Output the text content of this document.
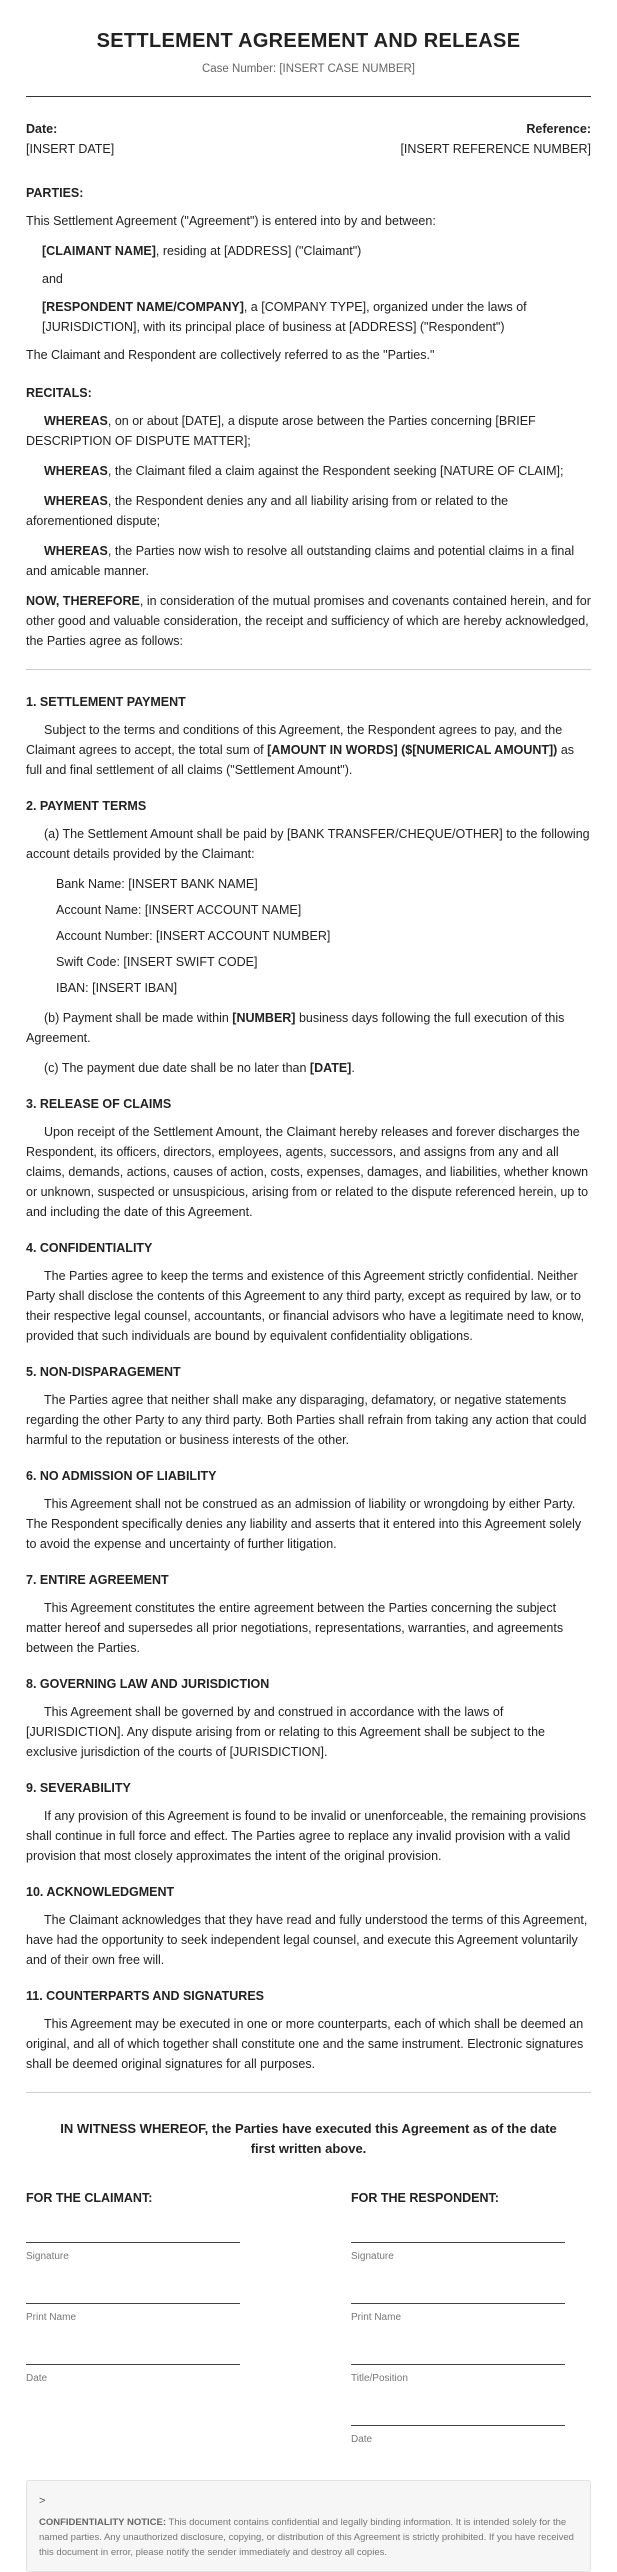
SETTLEMENT AGREEMENT AND RELEASE
Case Number: [INSERT CASE NUMBER]
Date:
[INSERT DATE]
Reference:
[INSERT REFERENCE NUMBER]
PARTIES:

This Settlement Agreement ("Agreement") is entered into by and between:

[CLAIMANT NAME], residing at [ADDRESS] ("Claimant")

and

[RESPONDENT NAME/COMPANY], a [COMPANY TYPE], organized under the laws of [JURISDICTION], with its principal place of business at [ADDRESS] ("Respondent")

The Claimant and Respondent are collectively referred to as the "Parties."

RECITALS:

WHEREAS, on or about [DATE], a dispute arose between the Parties concerning [BRIEF DESCRIPTION OF DISPUTE MATTER];

WHEREAS, the Claimant filed a claim against the Respondent seeking [NATURE OF CLAIM];

WHEREAS, the Respondent denies any and all liability arising from or related to the aforementioned dispute;

WHEREAS, the Parties now wish to resolve all outstanding claims and potential claims in a final and amicable manner.

NOW, THEREFORE, in consideration of the mutual promises and covenants contained herein, and for other good and valuable consideration, the receipt and sufficiency of which are hereby acknowledged, the Parties agree as follows:

1. SETTLEMENT PAYMENT

Subject to the terms and conditions of this Agreement, the Respondent agrees to pay, and the Claimant agrees to accept, the total sum of [AMOUNT IN WORDS] ($[NUMERICAL AMOUNT]) as full and final settlement of all claims ("Settlement Amount").

2. PAYMENT TERMS

(a) The Settlement Amount shall be paid by [BANK TRANSFER/CHEQUE/OTHER] to the following account details provided by the Claimant:

Bank Name: [INSERT BANK NAME]
Account Name: [INSERT ACCOUNT NAME]
Account Number: [INSERT ACCOUNT NUMBER]
Swift Code: [INSERT SWIFT CODE]
IBAN: [INSERT IBAN]

(b) Payment shall be made within [NUMBER] business days following the full execution of this Agreement.

(c) The payment due date shall be no later than [DATE].

3. RELEASE OF CLAIMS

Upon receipt of the Settlement Amount, the Claimant hereby releases and forever discharges the Respondent, its officers, directors, employees, agents, successors, and assigns from any and all claims, demands, actions, causes of action, costs, expenses, damages, and liabilities, whether known or unknown, suspected or unsuspicious, arising from or related to the dispute referenced herein, up to and including the date of this Agreement.

4. CONFIDENTIALITY

The Parties agree to keep the terms and existence of this Agreement strictly confidential. Neither Party shall disclose the contents of this Agreement to any third party, except as required by law, or to their respective legal counsel, accountants, or financial advisors who have a legitimate need to know, provided that such individuals are bound by equivalent confidentiality obligations.

5. NON-DISPARAGEMENT

The Parties agree that neither shall make any disparaging, defamatory, or negative statements regarding the other Party to any third party. Both Parties shall refrain from taking any action that could harmful to the reputation or business interests of the other.

6. NO ADMISSION OF LIABILITY

This Agreement shall not be construed as an admission of liability or wrongdoing by either Party. The Respondent specifically denies any liability and asserts that it entered into this Agreement solely to avoid the expense and uncertainty of further litigation.

7. ENTIRE AGREEMENT

This Agreement constitutes the entire agreement between the Parties concerning the subject matter hereof and supersedes all prior negotiations, representations, warranties, and agreements between the Parties.

8. GOVERNING LAW AND JURISDICTION

This Agreement shall be governed by and construed in accordance with the laws of [JURISDICTION]. Any dispute arising from or relating to this Agreement shall be subject to the exclusive jurisdiction of the courts of [JURISDICTION].

9. SEVERABILITY

If any provision of this Agreement is found to be invalid or unenforceable, the remaining provisions shall continue in full force and effect. The Parties agree to replace any invalid provision with a valid provision that most closely approximates the intent of the original provision.

10. ACKNOWLEDGMENT

The Claimant acknowledges that they have read and fully understood the terms of this Agreement, have had the opportunity to seek independent legal counsel, and execute this Agreement voluntarily and of their own free will.

11. COUNTERPARTS AND SIGNATURES

This Agreement may be executed in one or more counterparts, each of which shall be deemed an original, and all of which together shall constitute one and the same instrument. Electronic signatures shall be deemed original signatures for all purposes.

IN WITNESS WHEREOF, the Parties have executed this Agreement as of the date first written above.
FOR THE CLAIMANT:
Signature
Print Name
Date
FOR THE RESPONDENT:
Signature
Print Name
Title/Position
Date
>
CONFIDENTIALITY NOTICE: This document contains confidential and legally binding information. It is intended solely for the named parties. Any unauthorized disclosure, copying, or distribution of this Agreement is strictly prohibited. If you have received this document in error, please notify the sender immediately and destroy all copies.
